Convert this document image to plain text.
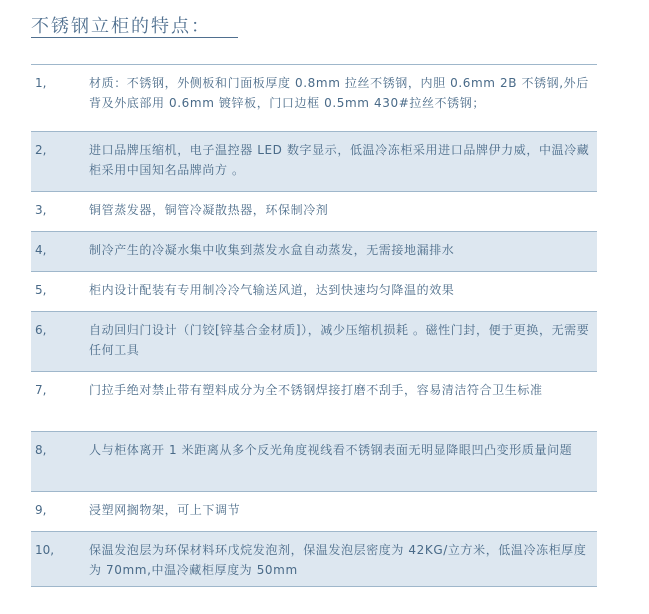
不锈钢立柜的特点：
1,	材质：不锈钢，外侧板和门面板厚度 0.8mm 拉丝不锈钢，内胆 0.6mm 2B 不锈钢,外后背及外底部用 0.6mm 镀锌板，门口边框 0.5mm 430#拉丝不锈钢；
2,	进口品牌压缩机，电子温控器 LED 数字显示，低温冷冻柜采用进口品牌伊力威，中温冷藏柜采用中国知名品牌尚方 。
3,	铜管蒸发器，铜管冷凝散热器，环保制冷剂
4,	制冷产生的冷凝水集中收集到蒸发水盒自动蒸发，无需接地漏排水
5,	柜内设计配装有专用制冷冷气输送风道，达到快速均匀降温的效果
6,	自动回归门设计（门铰[锌基合金材质]），减少压缩机损耗 。磁性门封，便于更换，无需要任何工具
7,	门拉手绝对禁止带有塑料成分为全不锈钢焊接打磨不刮手，容易清洁符合卫生标准
8,	人与柜体离开 1 米距离从多个反光角度视线看不锈钢表面无明显降眼凹凸变形质量问题
9,	浸塑网搁物架，可上下调节
10,	保温发泡层为环保材料环戊烷发泡剂，保温发泡层密度为 42KG/立方米，低温冷冻柜厚度为 70mm,中温冷藏柜厚度为 50mm
